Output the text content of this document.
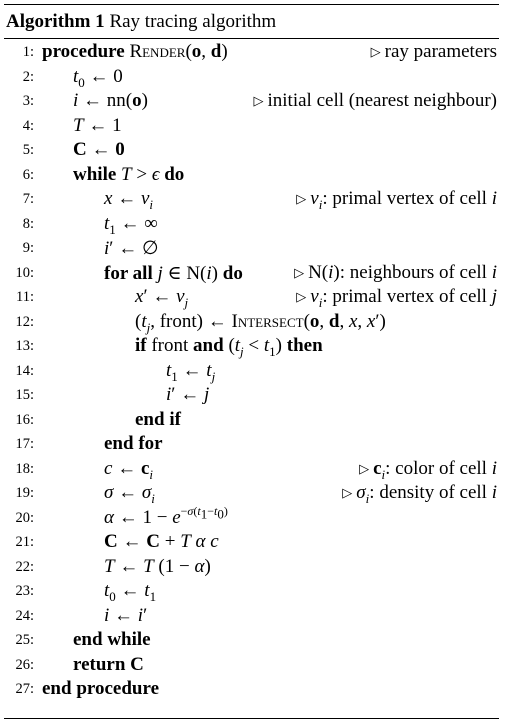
Algorithm 1 Ray tracing algorithm
1: procedure Render(o, d)	▷ ray parameters
2: $t_0$ ← 0
3: i ← nn(o)	▷ initial cell (nearest neighbour)
4: T ← 1
5: C ← 0
6: while T > ϵ do
7:	x ← $v_i$	▷ $v_i$: primal vertex of cell i
8:	$t_1$ ← ∞
9:	i′ ← ∅
10:	for all j ∈ N(i) do	▷ N(i): neighbours of cell i
11:	x′ ← $v_j$	▷ $v_i$: primal vertex of cell j
12:	($t_j$, front) ← Intersect(o, d, x, x′)
13:	if front and $(t_j < t_1)$ then
14:	$t_1$ ← $t_j$
15:	i′ ← j
16:	end if
17:	end for
18:	c ← $c_i$	▷ $c_i$: color of cell i
19:	σ ← $\sigma_i$	▷ $\sigma_i$: density of cell i
20:	α ← $1 - e^{-\sigma(t_1-t_0)}$
21:	C ← C + T α c
22:	T ← T (1 − α)
23:	$t_0$ ← $t_1$
24:	i ← i′
25: end while
26: return C
27: end procedure
